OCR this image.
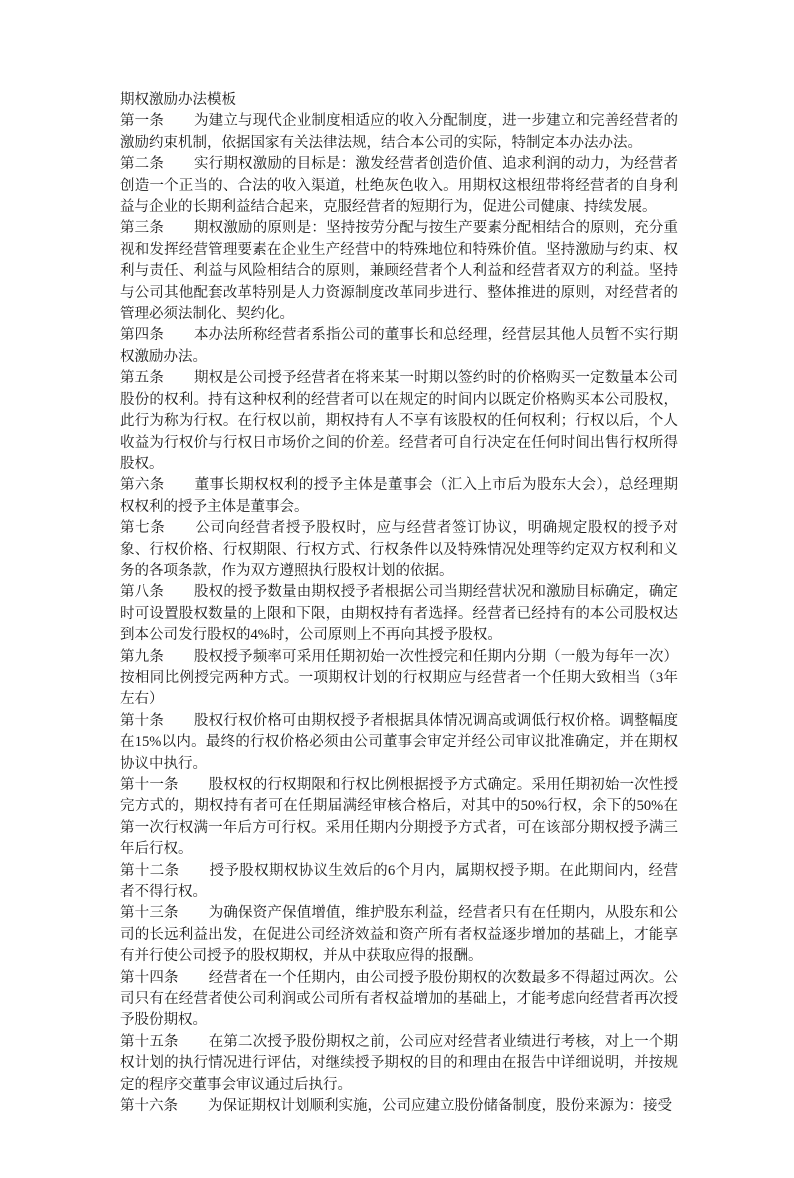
期权激励办法模板

第一条 为建立与现代企业制度相适应的收入分配制度，进一步建立和完善经营者的激励约束机制，依据国家有关法律法规，结合本公司的实际，特制定本办法办法。

第二条 实行期权激励的目标是：激发经营者创造价值、追求利润的动力，为经营者创造一个正当的、合法的收入渠道，杜绝灰色收入。用期权这根纽带将经营者的自身利益与企业的长期利益结合起来，克服经营者的短期行为，促进公司健康、持续发展。

第三条 期权激励的原则是：坚持按劳分配与按生产要素分配相结合的原则，充分重视和发挥经营管理要素在企业生产经营中的特殊地位和特殊价值。坚持激励与约束、权利与责任、利益与风险相结合的原则，兼顾经营者个人利益和经营者双方的利益。坚持与公司其他配套改革特别是人力资源制度改革同步进行、整体推进的原则，对经营者的管理必须法制化、契约化。

第四条 本办法所称经营者系指公司的董事长和总经理，经营层其他人员暂不实行期权激励办法。

第五条 期权是公司授予经营者在将来某一时期以签约时的价格购买一定数量本公司股份的权利。持有这种权利的经营者可以在规定的时间内以既定价格购买本公司股权，此行为称为行权。在行权以前，期权持有人不享有该股权的任何权利；行权以后，个人收益为行权价与行权日市场价之间的价差。经营者可自行决定在任何时间出售行权所得股权。

第六条 董事长期权权利的授予主体是董事会（汇入上市后为股东大会），总经理期权权利的授予主体是董事会。

第七条 公司向经营者授予股权时，应与经营者签订协议，明确规定股权的授予对象、行权价格、行权期限、行权方式、行权条件以及特殊情况处理等约定双方权利和义务的各项条款，作为双方遵照执行股权计划的依据。

第八条 股权的授予数量由期权授予者根据公司当期经营状况和激励目标确定，确定时可设置股权数量的上限和下限，由期权持有者选择。经营者已经持有的本公司股权达到本公司发行股权的4%时，公司原则上不再向其授予股权。

第九条 股权授予频率可采用任期初始一次性授完和任期内分期（一般为每年一次）按相同比例授完两种方式。一项期权计划的行权期应与经营者一个任期大致相当（3年左右）

第十条 股权行权价格可由期权授予者根据具体情况调高或调低行权价格。调整幅度在15%以内。最终的行权价格必须由公司董事会审定并经公司审议批准确定，并在期权协议中执行。

第十一条 股权权的行权期限和行权比例根据授予方式确定。采用任期初始一次性授完方式的，期权持有者可在任期届满经审核合格后，对其中的50%行权，余下的50%在第一次行权满一年后方可行权。采用任期内分期授予方式者，可在该部分期权授予满三年后行权。

第十二条 授予股权期权协议生效后的6个月内，属期权授予期。在此期间内，经营者不得行权。

第十三条 为确保资产保值增值，维护股东利益，经营者只有在任期内，从股东和公司的长远利益出发，在促进公司经济效益和资产所有者权益逐步增加的基础上，才能享有并行使公司授予的股权期权，并从中获取应得的报酬。

第十四条 经营者在一个任期内，由公司授予股份期权的次数最多不得超过两次。公司只有在经营者使公司利润或公司所有者权益增加的基础上，才能考虑向经营者再次授予股份期权。

第十五条 在第二次授予股份期权之前，公司应对经营者业绩进行考核，对上一个期权计划的执行情况进行评估，对继续授予期权的目的和理由在报告中详细说明，并按规定的程序交董事会审议通过后执行。

第十六条 为保证期权计划顺利实施，公司应建立股份储备制度，股份来源为：接受
